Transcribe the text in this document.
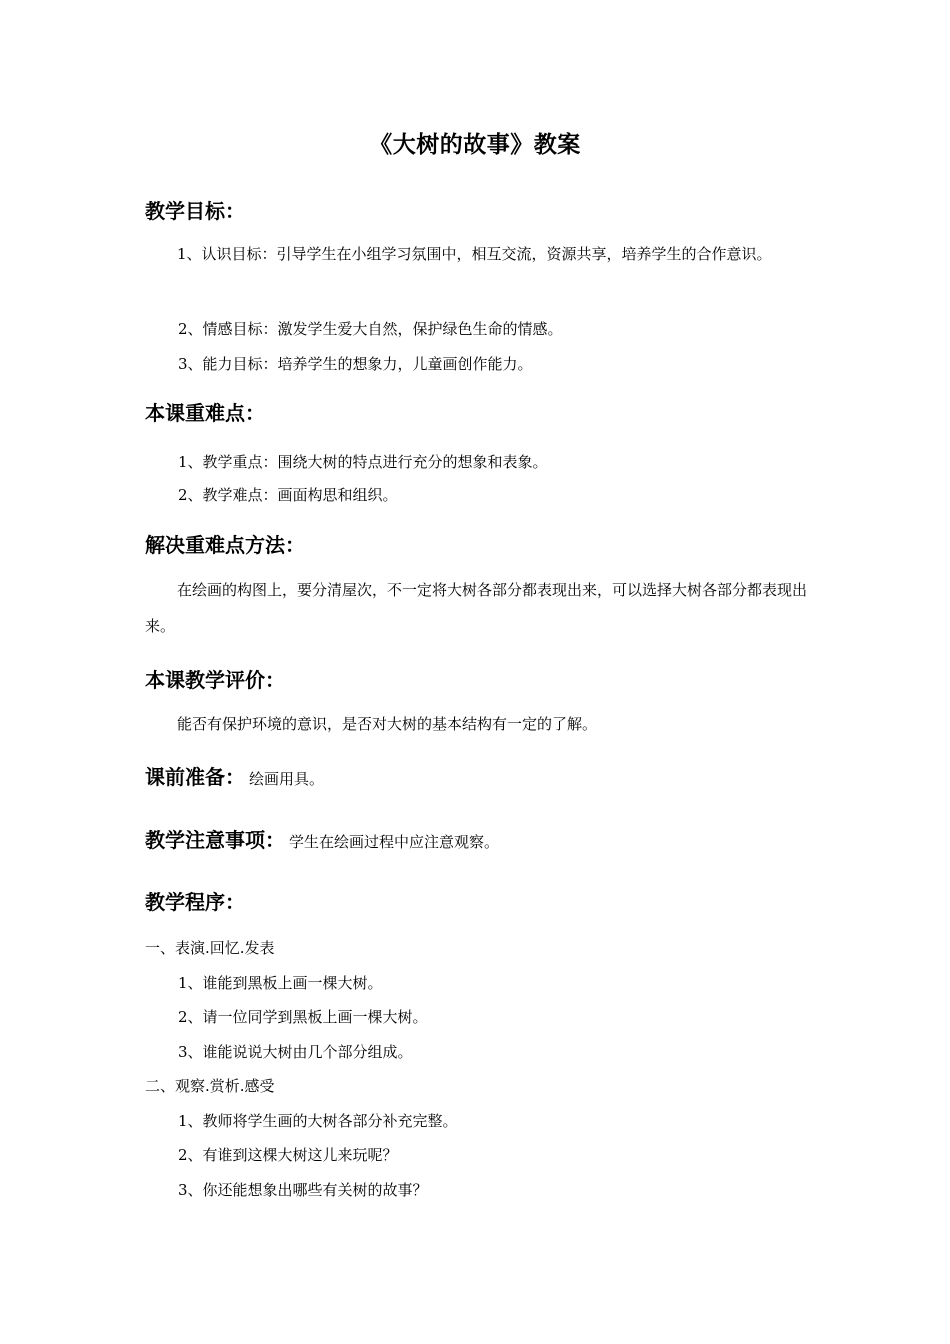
《大树的故事》教案
教学目标：
1、认识目标：引导学生在小组学习氛围中，相互交流，资源共享，培养学生的合作意识。
2、情感目标：激发学生爱大自然，保护绿色生命的情感。
3、能力目标：培养学生的想象力，儿童画创作能力。
本课重难点：
1、教学重点：围绕大树的特点进行充分的想象和表象。
2、教学难点：画面构思和组织。
解决重难点方法：
在绘画的构图上，要分清屋次，不一定将大树各部分都表现出来，可以选择大树各部分都表现出来。
本课教学评价：
能否有保护环境的意识，是否对大树的基本结构有一定的了解。
课前准备： 绘画用具。
教学注意事项： 学生在绘画过程中应注意观察。
教学程序：
一、表演.回忆.发表
1、谁能到黑板上画一棵大树。
2、请一位同学到黑板上画一棵大树。
3、谁能说说大树由几个部分组成。
二、观察.赏析.感受
1、教师将学生画的大树各部分补充完整。
2、有谁到这棵大树这儿来玩呢？
3、你还能想象出哪些有关树的故事？
